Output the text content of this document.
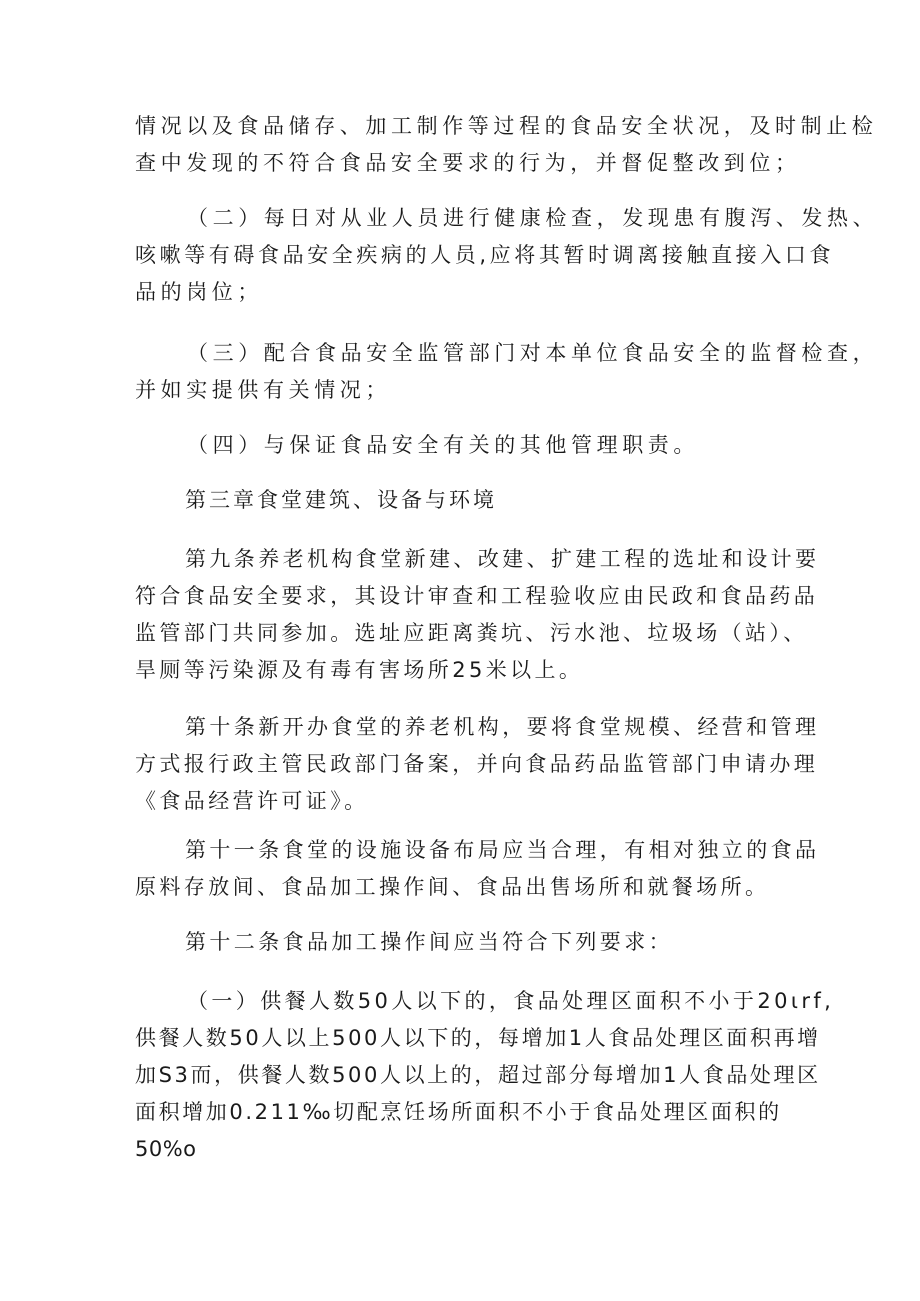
情况以及食品储存、加工制作等过程的食品安全状况，及时制止检
查中发现的不符合食品安全要求的行为，并督促整改到位；
（二）每日对从业人员进行健康检查，发现患有腹泻、发热、
咳嗽等有碍食品安全疾病的人员,应将其暂时调离接触直接入口食
品的岗位；
（三）配合食品安全监管部门对本单位食品安全的监督检查，
并如实提供有关情况；
（四）与保证食品安全有关的其他管理职责。
第三章食堂建筑、设备与环境
第九条养老机构食堂新建、改建、扩建工程的选址和设计要
符合食品安全要求，其设计审查和工程验收应由民政和食品药品
监管部门共同参加。选址应距离粪坑、污水池、垃圾场（站）、
旱厕等污染源及有毒有害场所25米以上。
第十条新开办食堂的养老机构，要将食堂规模、经营和管理
方式报行政主管民政部门备案，并向食品药品监管部门申请办理
《食品经营许可证》。
第十一条食堂的设施设备布局应当合理，有相对独立的食品
原料存放间、食品加工操作间、食品出售场所和就餐场所。
第十二条食品加工操作间应当符合下列要求：
（一）供餐人数50人以下的，食品处理区面积不小于20ιrf,
供餐人数50人以上500人以下的，每增加1人食品处理区面积再增
加S3而，供餐人数500人以上的，超过部分每增加1人食品处理区
面积增加0.211‰切配烹饪场所面积不小于食品处理区面积的
50%o
